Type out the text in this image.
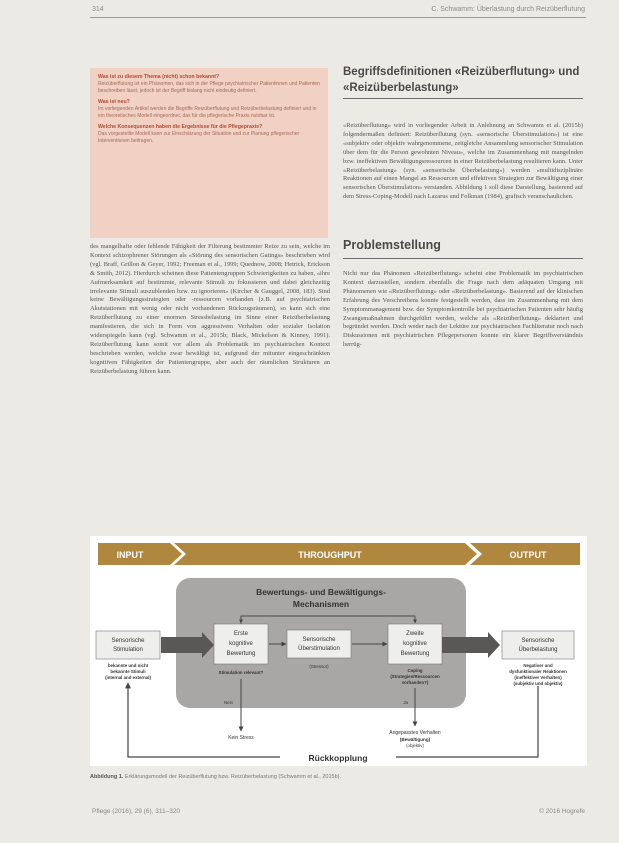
314	C. Schwamm: Überlastung durch Reizüberflutung

Was ist zu diesem Thema (nicht) schon bekannt?

Reizüberflutung ist ein Phänomen, das sich in der Pflege psychiatrischer Patientinnen und Patienten beschreiben lässt, jedoch ist der Begriff bislang nicht eindeutig definiert.

Was ist neu?

Im vorliegenden Artikel werden die Begriffe Reizüberflutung und Reizüberbelastung definiert und in ein theoretisches Modell eingeordnet, das für die pflegerische Praxis nutzbar ist.

Welche Konsequenzen haben die Ergebnisse für die Pflegepraxis?

Das vorgestellte Modell kann zur Einschätzung der Situation und zur Planung pflegerischer Interventionen beitragen.

des mangelhafte oder fehlende Fähigkeit der Filterung bestimmter Reize zu sein, welche im Kontext schizophrener Störungen als «Störung des sensorischen Gatings» beschrieben wird (vgl. Braff, Grillon & Geyer, 1992; Freeman et al., 1999; Quednow, 2008; Hetrick, Erickson & Smith, 2012). Hierdurch scheinen diese Patientengruppen Schwierigkeiten zu haben, «ihre Aufmerksamkeit auf bestimmte, relevante Stimuli zu fokussieren und dabei gleichzeitig irrelevante Stimuli auszublenden bzw. zu ignorieren» (Kircher & Gauggel, 2008, 183). Sind keine Bewältigungsstrategien oder -ressourcen vorhanden (z.B. auf psychiatrischen Akutstationen mit wenig oder nicht vorhandenen Rückzugsräumen), so kann sich eine Reizüberflutung zu einer enormen Stressbelastung im Sinne einer Reizüberbelastung manifestieren, die sich in Form von aggressivem Verhalten oder sozialer Isolation widerspiegeln kann (vgl. Schwamm et al., 2015b; Black, Mickelson & Kinney, 1991). Reizüberflutung kann somit vor allem als Problematik im psychiatrischen Kontext beschrieben werden, welche zwar bewältigt ist, aufgrund der mitunter eingeschränkten kognitiven Fähigkeiten der Patientengruppe, aber auch der räumlichen Strukturen an Reizüberbelastung führen kann.

Begriffsdefinitionen «Reizüberflutung» und «Reizüberbelastung»

«Reizüberflutung» wird in vorliegender Arbeit in Anlehnung an Schwamm et al. (2015b) folgendermaßen definiert: Reizüberflutung (syn. «sensorische Überstimulation») ist eine «subjektiv oder objektiv wahrgenommene, zeitgleiche Ansammlung sensorischer Stimulation über dem für die Person gewohnten Niveau», welche im Zusammenhang mit mangelnden bzw. ineffektiven Bewältigungsressourcen in einer Reizüberbelastung resultieren kann. Unter «Reizüberbelastung» (syn. «sensorische Überbelastung») werden «multidisziplinäre Reaktionen auf einen Mangel an Ressourcen und effektiven Strategien zur Bewältigung einer sensorischen Überstimulation» verstanden. Abbildung 1 soll diese Darstellung, basierend auf dem Stress-Coping-Modell nach Lazarus und Folkman (1984), grafisch veranschaulichen.

Problemstellung

Nicht nur das Phänomen «Reizüberflutung» scheint eine Problematik im psychiatrischen Kontext darzustellen, sondern ebenfalls die Frage nach dem adäquaten Umgang mit Phänomenen wie «Reizüberflutung» oder «Reizüberbelastung». Basierend auf der klinischen Erfahrung des Verschreibens konnte festgestellt werden, dass im Zusammenhang mit dem Symptommanagement bzw. der Symptomkontrolle bei psychiatrischen Patienten sehr häufig Zwangsmaßnahmen durchgeführt werden, welche als «Reizüberflutung» deklariert und begründet werden. Doch weder nach der Lektüre zur psychiatrischen Fachliteratur noch nach Diskussionen mit psychiatrischen Pflegepersonen konnte ein klarer Begriffsverständnis herrüg-

INPUT	THROUGHPUT	OUTPUT
Bewertungs- und Bewältigungs-
Mechanismen
Sensorische
Stimulation
bekannte und nicht
bekannte Stimuli
(internal and external)
Erste
kognitive
Bewertung
Stimulation relevant?
Sensorische
Überstimulation
(Stressor)
Zweite
kognitive
Bewertung
Coping
(Strategien/Ressourcen
vorhanden?)
Sensorische
Überbelastung
Negativer und
dysfunktionaler Reaktionen
(ineffektiver Verhalten)
(subjektiv und objektiv)
Nein	Ja
Kein Stress
Angepasstes Verhalten
(Bewältigung)
(objektiv)
Rückkopplung
Abbildung 1. Erklärungsmodell der Reizüberflutung bzw. Reizüberbelastung (Schwamm et al., 2015b).
Pflege (2016), 29 (6), 311–320	© 2016 Hogrefe
